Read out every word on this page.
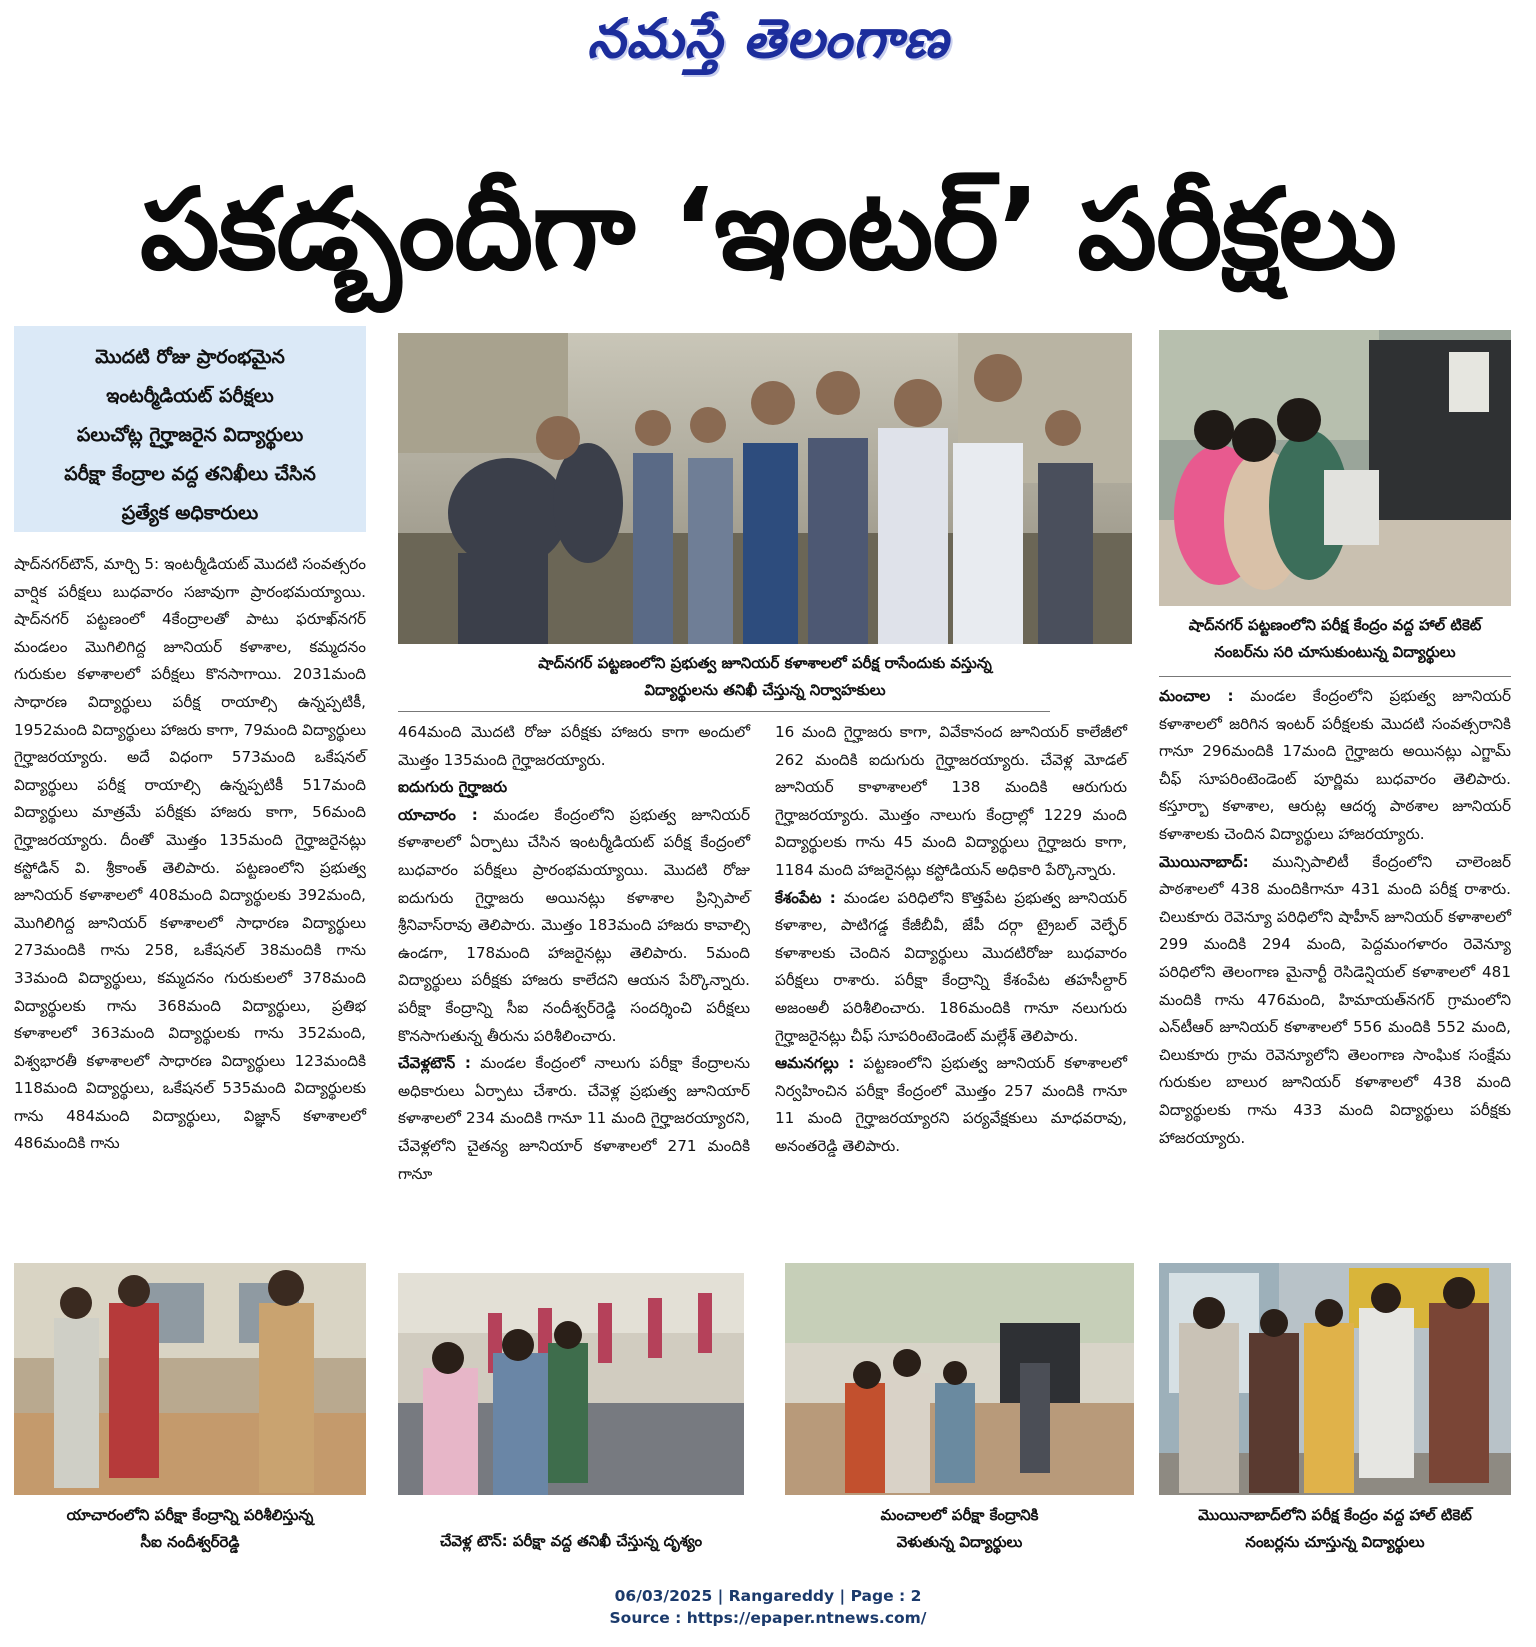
నమస్తే తెలంగాణ
పకడ్బందీగా ‘ఇంటర్’ పరీక్షలు
మొదటి రోజు ప్రారంభమైన
ఇంటర్మీడియట్ పరీక్షలు
పలుచోట్ల గైర్హాజరైన విద్యార్థులు
పరీక్షా కేంద్రాల వద్ద తనిఖీలు చేసిన
ప్రత్యేక అధికారులు
షాద్‌నగర్ పట్టణంలోని ప్రభుత్వ జూనియర్ కళాశాలలో పరీక్ష రాసేందుకు వస్తున్న
విద్యార్థులను తనిఖీ చేస్తున్న నిర్వాహకులు
షాద్‌నగర్ పట్టణంలోని పరీక్ష కేంద్రం వద్ద హాల్ టికెట్
నంబర్‌ను సరి చూసుకుంటున్న విద్యార్థులు

షాద్‌నగర్‌టౌన్, మార్చి 5: ఇంటర్మీడియట్ మొదటి సంవత్సరం వార్షిక పరీక్షలు బుధవారం సజావుగా ప్రారంభమయ్యాయి. షాద్‌నగర్ పట్టణంలో 4కేంద్రాలతో పాటు ఫరూఖ్‌నగర్ మండలం మొగిలిగిద్ద జూనియర్ కళాశాల, కమ్మదనం గురుకుల కళాశాలలో పరీక్షలు కొనసాగాయి. 2031మంది సాధారణ విద్యార్థులు పరీక్ష రాయాల్సి ఉన్నప్పటికీ, 1952మంది విద్యార్థులు హాజరు కాగా, 79మంది విద్యార్థులు గైర్హాజరయ్యారు. అదే విధంగా 573మంది ఒకేషనల్ విద్యార్థులు పరీక్ష రాయాల్సి ఉన్నప్పటికీ 517మంది విద్యార్థులు మాత్రమే పరీక్షకు హాజరు కాగా, 56మంది గైర్హాజరయ్యారు. దీంతో మొత్తం 135మంది గైర్హాజరైనట్లు కస్టోడిన్ వి. శ్రీకాంత్ తెలిపారు. పట్టణంలోని ప్రభుత్వ జూనియర్ కళాశాలలో 408మంది విద్యార్థులకు 392మంది, మొగిలిగిద్ద జూనియర్ కళాశాలలో సాధారణ విద్యార్థులు 273మందికి గాను 258, ఒకేషనల్ 38మందికి గాను 33మంది విద్యార్థులు, కమ్మదనం గురుకులలో 378మంది విద్యార్థులకు గాను 368మంది విద్యార్థులు, ప్రతిభ కళాశాలలో 363మంది విద్యార్థులకు గాను 352మంది, విశ్వభారతీ కళాశాలలో సాధారణ విద్యార్థులు 123మందికి 118మంది విద్యార్థులు, ఒకేషనల్ 535మంది విద్యార్థులకు గాను 484మంది విద్యార్థులు, విజ్ఞాన్ కళాశాలలో 486మందికి గాను

464మంది మొదటి రోజు పరీక్షకు హాజరు కాగా అందులో మొత్తం 135మంది గైర్హాజరయ్యారు.

ఐదుగురు గైర్హాజరు

యాచారం : మండల కేంద్రంలోని ప్రభుత్వ జూనియర్ కళాశాలలో ఏర్పాటు చేసిన ఇంటర్మీడియట్ పరీక్ష కేంద్రంలో బుధవారం పరీక్షలు ప్రారంభమయ్యాయి. మొదటి రోజు ఐదుగురు గైర్హాజరు అయినట్లు కళాశాల ప్రిన్సిపాల్ శ్రీనివాస్‌రావు తెలిపారు. మొత్తం 183మంది హాజరు కావాల్సి ఉండగా, 178మంది హాజరైనట్లు తెలిపారు. 5మంది విద్యార్థులు పరీక్షకు హాజరు కాలేదని ఆయన పేర్కొన్నారు. పరీక్షా కేంద్రాన్ని సీఐ నందీశ్వర్‌రెడ్డి సందర్శించి పరీక్షలు కొనసాగుతున్న తీరును పరిశీలించారు.

చేవెళ్లటౌన్ : మండల కేంద్రంలో నాలుగు పరీక్షా కేంద్రాలను అధికారులు ఏర్పాటు చేశారు. చేవెళ్ల ప్రభుత్వ జూనియార్ కళాశాలలో 234 మందికి గానూ 11 మంది గైర్హాజరయ్యారని, చేవెళ్లలోని చైతన్య జూనియార్ కళాశాలలో 271 మందికి గానూ

16 మంది గైర్హాజరు కాగా, వివేకానంద జూనియర్ కాలేజీలో 262 మందికి ఐదుగురు గైర్హాజరయ్యారు. చేవెళ్ల మోడల్ జూనియర్ కాళాశాలలో 138 మందికి ఆరుగురు గైర్హాజరయ్యారు. మొత్తం నాలుగు కేంద్రాల్లో 1229 మంది విద్యార్థులకు గాను 45 మంది విద్యార్థులు గైర్హాజరు కాగా, 1184 మంది హాజరైనట్లు కస్టోడియన్ అధికారి పేర్కొన్నారు.

కేశంపేట : మండల పరిధిలోని కొత్తపేట ప్రభుత్వ జూనియర్ కళాశాల, పాటిగడ్డ కేజీబీవీ, జేపీ దర్గా ట్రైబల్ వెల్ఫేర్ కళాశాలకు చెందిన విద్యార్థులు మొదటిరోజు బుధవారం పరీక్షలు రాశారు. పరీక్షా కేంద్రాన్ని కేశంపేట తహసీల్దార్ అజంఅలీ పరిశీలించారు. 186మందికి గానూ నలుగురు గైర్హాజరైనట్లు చీఫ్ సూపరింటెండెంట్ మల్లేశ్ తెలిపారు.

ఆమనగల్లు : పట్టణంలోని ప్రభుత్వ జూనియర్ కళాశాలలో నిర్వహించిన పరీక్షా కేంద్రంలో మొత్తం 257 మందికి గానూ 11 మంది గైర్హాజరయ్యారని పర్యవేక్షకులు మాధవరావు, అనంతరెడ్డి తెలిపారు.

మంచాల : మండల కేంద్రంలోని ప్రభుత్వ జూనియర్ కళాశాలలో జరిగిన ఇంటర్ పరీక్షలకు మొదటి సంవత్సరానికి గానూ 296మందికి 17మంది గైర్హాజరు అయినట్లు ఎగ్జామ్ చీఫ్ సూపరింటెండెంట్ పూర్ణిమ బుధవారం తెలిపారు. కస్తూర్బా కళాశాల, ఆరుట్ల ఆదర్శ పాఠశాల జూనియర్ కళాశాలకు చెందిన విద్యార్థులు హాజరయ్యారు.

మొయినాబాద్: మున్సిపాలిటీ కేంద్రంలోని చాలెంజర్ పాఠశాలలో 438 మందికిగానూ 431 మంది పరీక్ష రాశారు. చిలుకూరు రెవెన్యూ పరిధిలోని షాహీన్ జూనియర్ కళాశాలలో 299 మందికి 294 మంది, పెద్దమంగళారం రెవెన్యూ పరిధిలోని తెలంగాణ మైనార్టీ రెసిడెన్షియల్ కళాశాలలో 481 మందికి గాను 476మంది, హిమాయత్‌నగర్ గ్రామంలోని ఎన్‌టీఆర్ జూనియర్ కళాశాలలో 556 మందికి 552 మంది, చిలుకూరు గ్రామ రెవెన్యూలోని తెలంగాణ సాంఘిక సంక్షేమ గురుకుల బాలుర జూనియర్ కళాశాలలో 438 మంది విద్యార్థులకు గాను 433 మంది విద్యార్థులు పరీక్షకు హాజరయ్యారు.

యాచారంలోని పరీక్షా కేంద్రాన్ని పరిశీలిస్తున్న
సీఐ నందీశ్వర్‌రెడ్డి	చేవెళ్ల టౌన్: పరీక్షా వద్ద తనిఖీ చేస్తున్న దృశ్యం
మంచాలలో పరీక్షా కేంద్రానికి
వెళుతున్న విద్యార్థులు
మొయినాబాద్‌లోని పరీక్ష కేంద్రం వద్ద హాల్ టికెట్
నంబర్లను చూస్తున్న విద్యార్థులు
06/03/2025 | Rangareddy | Page : 2
Source : https://epaper.ntnews.com/
